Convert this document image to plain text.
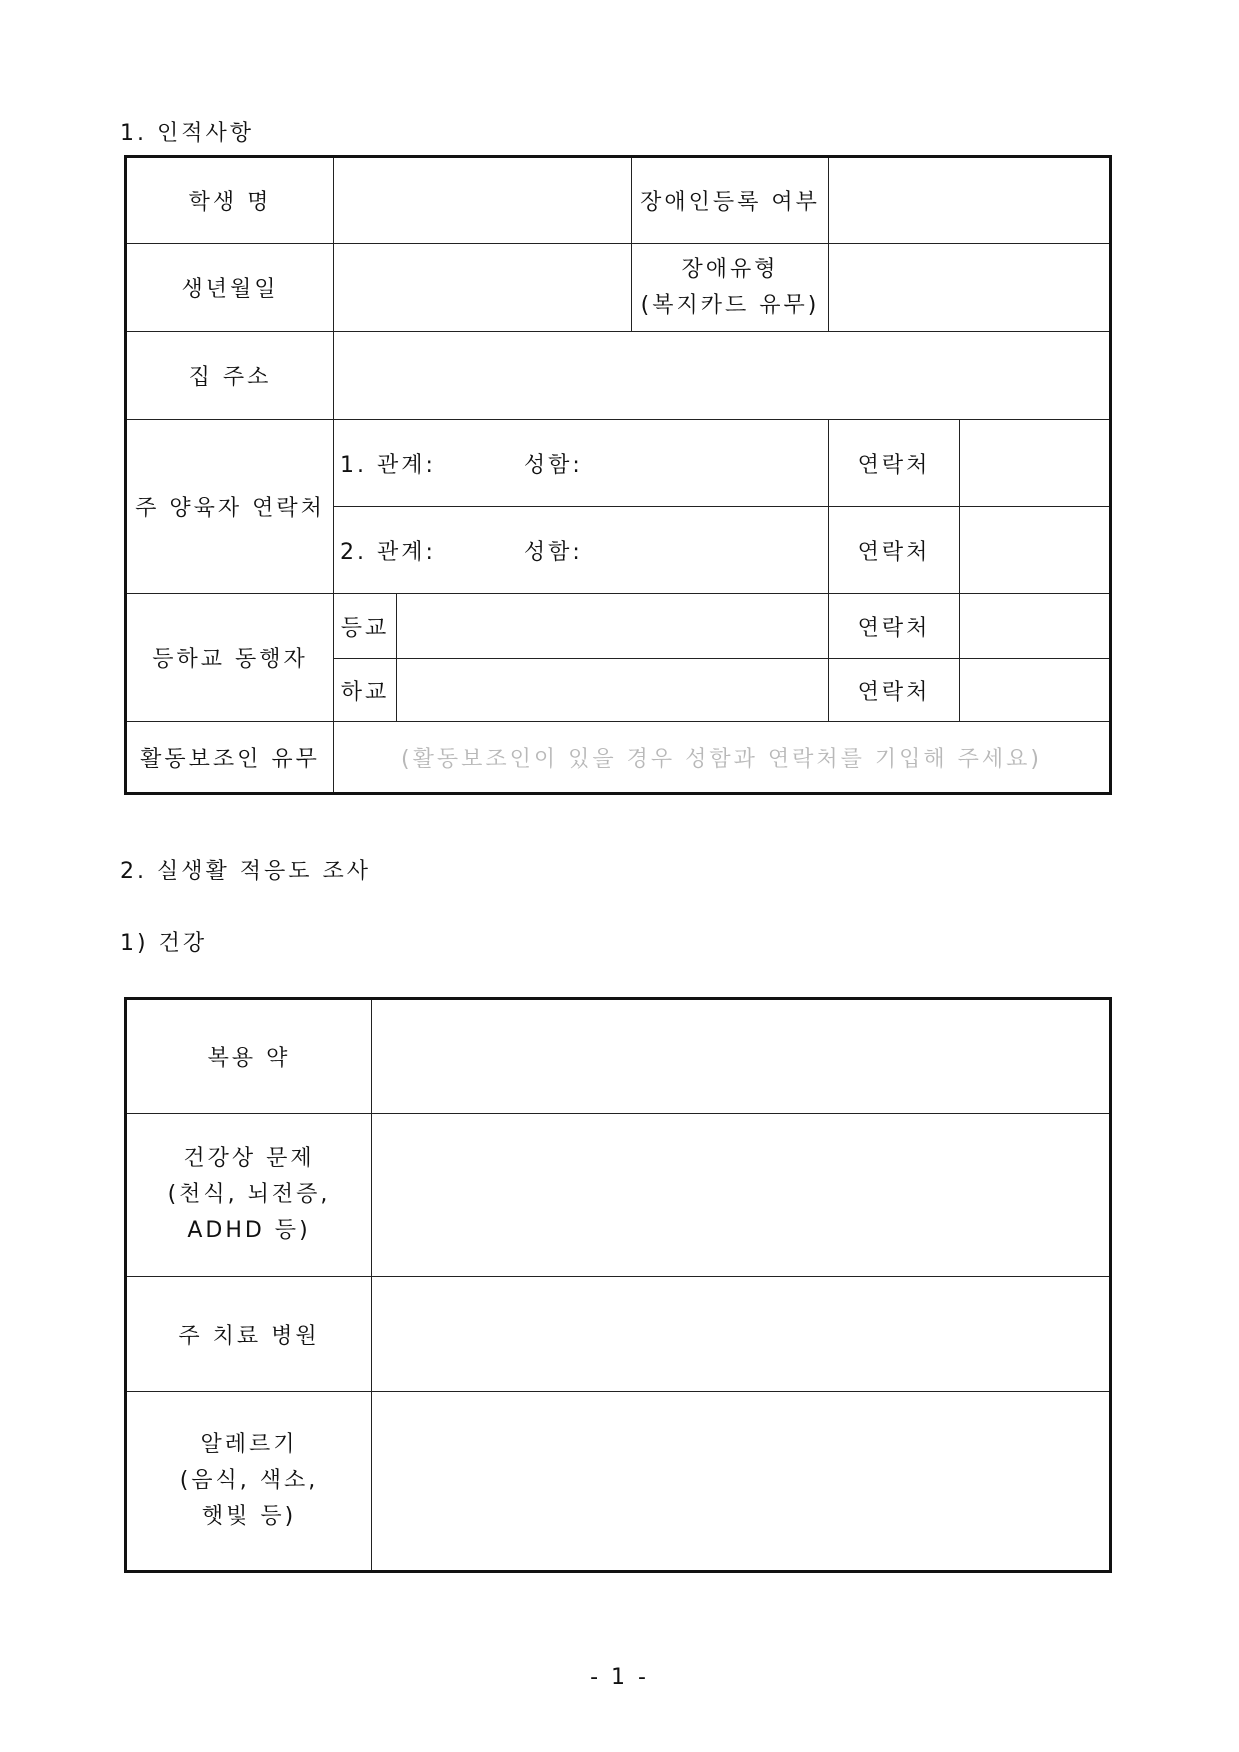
1. 인적사항
학생 명			장애인등록 여부		
생년월일			장애유형
(복지카드 유무)		
집 주소					
주 양육자 연락처	1. 관계: 성함:			연락처	
	2. 관계: 성함:			연락처	
등하교 동행자	등교			연락처	
	하교			연락처	
활동보조인 유무	(활동보조인이 있을 경우 성함과 연락처를 기입해 주세요)				
2. 실생활 적응도 조사
1) 건강
복용 약	
건강상 문제
(천식, 뇌전증,
ADHD 등)	
주 치료 병원	
알레르기
(음식, 색소,
햇빛 등)	
- 1 -
